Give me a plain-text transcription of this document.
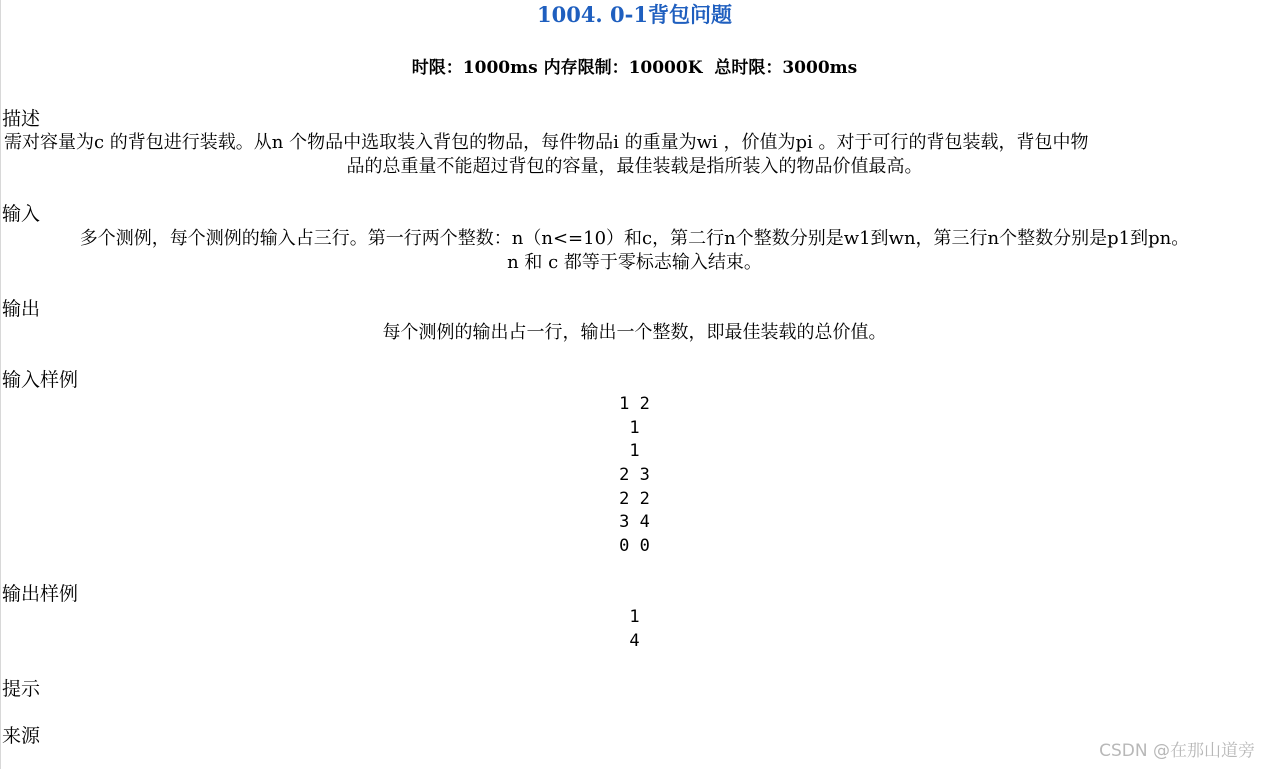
1004. 0-1背包问题
时限：1000ms 内存限制：10000K  总时限：3000ms
描述
需对容量为c 的背包进行装载。从n 个物品中选取装入背包的物品，每件物品i 的重量为wi ，价值为pi 。对于可行的背包装载，背包中物
品的总重量不能超过背包的容量，最佳装载是指所装入的物品价值最高。
输入
多个测例，每个测例的输入占三行。第一行两个整数：n（n<=10）和c，第二行n个整数分别是w1到wn，第三行n个整数分别是p1到pn。
n 和 c 都等于零标志输入结束。
输出
每个测例的输出占一行，输出一个整数，即最佳装载的总价值。
输入样例
1 2
1
1
2 3
2 2
3 4
0 0
输出样例
1
4
提示
来源
CSDN @在那山道旁
